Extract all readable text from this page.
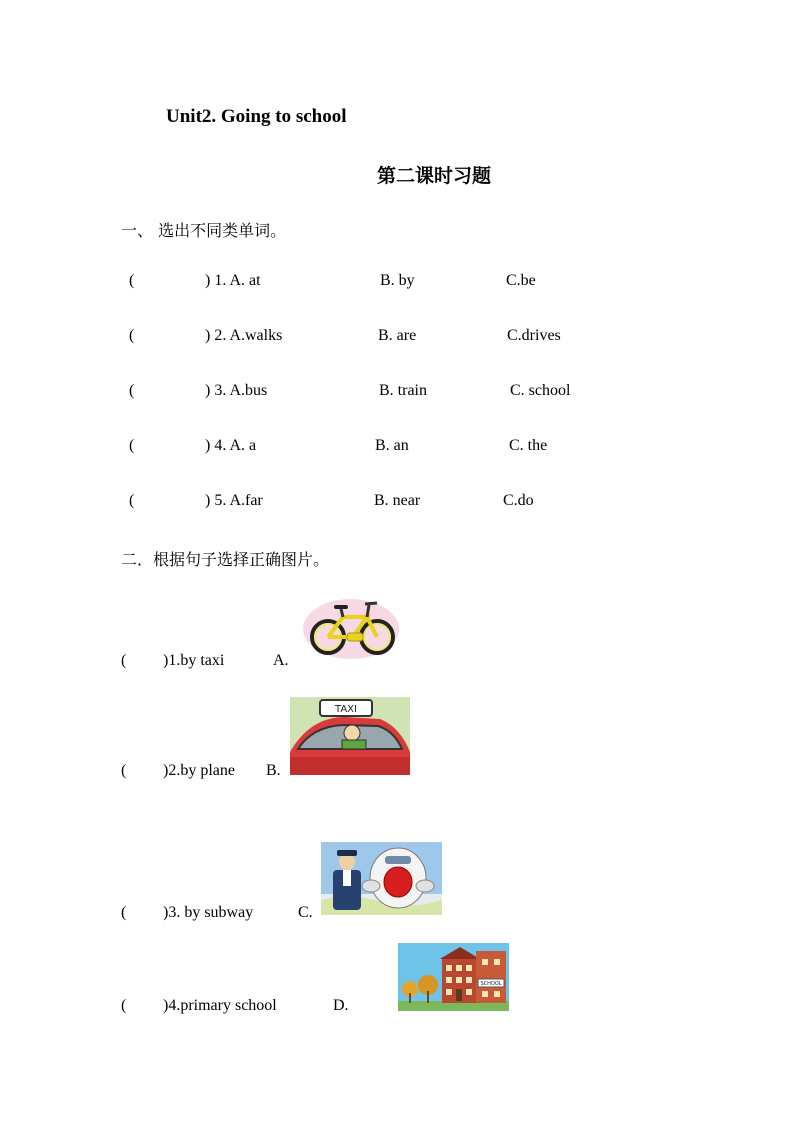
Unit2. Going to school
第二课时习题
一、 选出不同类单词。
(	) 1. A. at	B. by	C.be
(	) 2. A.walks	B. are	C.drives
(	) 3. A.bus	B. train	C. school
(	) 4. A. a	B. an	C. the
(	) 5. A.far	B. near	C.do
二．根据句子选择正确图片。
( )1.by taxi	A.
( )2.by plane B.
( )3. by subway	C.
( )4.primary school	D.
TAXI
SCHOOL
